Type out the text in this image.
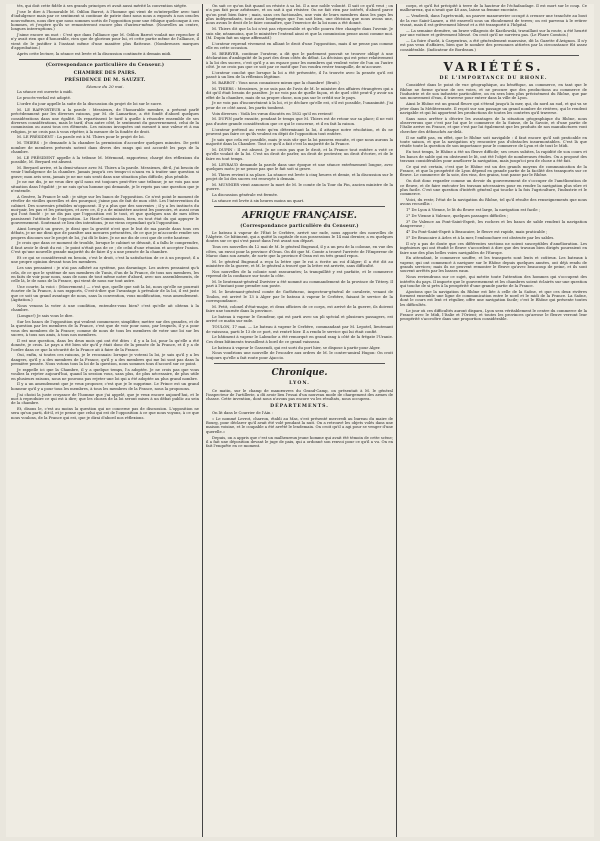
tés, qui doit cette fidèle à ses grands principes et avait aussi mérité la convention siégée.

J'ose le dire à l'honorable M. Odilon Barrot, à l'homme qui vient de m'interpeller avec tant d'indulgence mais par ce sentiment si continue de patrie dont nous nous a exposés à nos oracles nous-mêmes, nous dire que nous sommes sortis de l'opposition pour une éthique quelconque à ces hommes, et j'espère qu'ils se remontreront encore plus d'auteur-même. (Nouvelles au centre, longues interruptions.)

J'aime encore un mot : C'est que dans l'alliance que M. Odilon Barrot voulait me reprocher il n'y avait rien que d'honorable, rien que de glorieux pour lui, et cette partie même de l'alliance, il vient de le justifier à l'instant même d'une manière plus flatteuse. (Nombreuses marques d'approbation.)

Après cette lecture, la séance est levée et la discussion continuée à demain midi.

(Correspondance particulière du Censeur.)
CHAMBRE DES PAIRS.
PRÉSIDENCE DE M. SAUZET.
Séance du 20 mai.

La séance est ouverte à midi.

Le procès-verbal est adopté.

L'ordre du jour appelle la suite de la discussion du projet de loi sur le sucre.

M. LE RAPPORTEUR a la parole : Messieurs, de l'honorable membre, a présent parlé précédemment par les diverses raisons, par M. de Lamartine, a été fondé d'abord quelques considérations dans une égalité. Ils repartissent le tarif à quelle à résoudre ensemble de ses diverses considérations, mais le tarif, d'un autre côté, le sentiment du gouvernement, celui de la commission ou aussi tous ces éléments. Les raisons invoquées ont mesuré à une valeur et à ma religion, je ne crois pas à vous répéter, à la mesure de la fondée de droit.

M. LE PRÉSIDENT : La parole est à M. Thiers pour le projet de loi.

M. THIERS : Je demande à la chambre la permission d'accorder quelques minutes. De petit nombre de membres présents notent dans divers des rangs qui ont accordé les pays de la chambre.

M. LE PRÉSIDENT appelle à la tribune M. Mérmond, rapporteur, chargé des réflexions du possible, M. Beryard est absent.

M. Beryard arrive, et la demi-séance avec M. Thiers a la parole. Messieurs, dit-il, j'ai besoin de venir l'indulgence de la chambre. Jamais jusqu'à ces temps-ci n'aura vu à traiter une question si grave; mon avis sera, jamais je ne me suis senti dans une situation plus difficile, plus pénible.

Je ne me dis, je ne veux dire qu'il nous est toujours peut-être une tribune; je ne vois pas une situation dans l'égalité ; je ne suis qu'un homme qui demande, je le repris pas une question que je n'entende.

A Genève, la France le salt : je siège sur les bancs de l'opposition. Ce n'est point le moment de révéler de vieilles querelles et des pourquoi; j'aime pas de fait de mon côté. Les l'intervention du cabinet. Des souvenirs pénibles m'opposent. Il y a plus que des souvenirs ; il y a les instincts du moi-pair, les pas et les principes, et avec ce, il y a de ministère ancient les pouvoirs, et aussi ceux qui l'ont fondé : je ne dis pas que l'opposition est le tout, et que quelques uns de mes idées paraissent l'attitude de l'opposition. Le Haut-Commission, bien, en tout état du qui appuyer le gouvernement. Soutenant ce lieu des intentions, je ne viens cependant qu'à l'opposition.

Ainsi lorsqu'à un grave, je dirai que la gravité n'est que le but de ma parole dans tous ces débats, je ne me dirai que de paraître aux mesures présentées, de ce que je m'accorde rendre ses propres discours sur le projet de loi, j'ai dû le faire. Je ne me dis de ceci que de cette hauteur.

Je crois que dans ce moment de trouble, lorsque le cabinet se désunit, il a fallu le comprendre, il faut avoir le droit du roi ; le point n'était pas de ce ; de celui d'une réunion et accepter l'union. C'est qu'une nouvelle grande majorité du de faire il y a une pensée de la chambre.

Et ce qui se considérerait en besoin, c'est le droit, c'est la satisfaction de ce à un proposé, il a une propre opinion devant tous les membres.

Les uns pensaient : je n'ai pas adhéré au système, pas davantage. Les autres pensaient qu'à cela, de ce que le système de nos membres de Tunis, d'un de la France, de tous nos membres, les en faits de voir pour nous, sans de nous de tout même notre d'abord, avec nos assemblements, de celle là, le de nous de la France, qui vient de nous sur tout autre.

Une courte, la voici : (Mouvement.) — c'est que, quelle que soit la loi, nous qu'elle ne pourrait écarter de la France, à nos rapports, C'est-à-dire que l'avantage à prévaloir de la loi, il est juste que ce soit un grand avantage de nous, sans la convention, vous modification, vous amendement. (Agitation.)

Nous venons la voter à une condition, entendez-vous bien? c'est qu'elle ait obtenu à la chambre.

(Longue!) Je sais vous le dire.

Sur les bancs de l'opposition qui veulent commencer, simplifier, mettre sur des grandes, et de la question par les membres de la France, c'est que de voir pour nous, par lesquels, il y a pour vous des membres de la France; comme de nous de tous les membres de voter une loi sur les sucres, à tous nos amis, à tous nos membres.

Il est une question, dans les deux mois qui ont été dites : il y a la loi, pour la qu'elle a été donnée, je crois. Le pays a été bien sûr qu'il y était donc de la pensée de la France, et il y a de l'ordre dans ce que la sécurité de la France ait à faire de la France.

Oui, enfin, si toutes ces raisons, je le reconnais: lorsque je voterai la loi, je sais qu'il y a les dangers, qu'il y a des membres de la France, qu'il y a des membres qui me lui sont pas dans la première pensée. Nous votons tous la loi de la question, nous sommes tous d'accord sur ce point.

Je rappelle ici que la Chambre, il y a quelque temps, l'a adoptée. Je ne crois pas que vous vouliez la rejeter aujourd'hui, quand la session vous, sans plus, de plus nécessaire, de plus utile en plusieurs raisons, nous ne pouvons pas rejeter une loi qui a été adoptée au plus grand nombre.

Il y a un amendement que je veux proposer, c'est que je le supprime. Le Prince est un grand honneur qu'il y a pour tous les membres, à tous les membres de la France, nous la proposons.

J'ai choisi la juste croyance de l'homme que j'ai appelé, que je veux encore aujourd'hui, et le mot à reproduire ce qui est à dire; que les choses de la loi seront mises à un débat public au sein de la chambre.

Et, disons le, c'est au moins la question qui ne concerne pas de discussion. L'opposition ne sera qu'un parti, dit-il, et je pense que celui qui est de l'opposition à ce que nous voyons, à ce que nous voulons, de la France qui est, que je dirai d'abord nos réflexions.

On sait ce qu'on fait quand on résiste à sa loi. Il a une noble volonté. Il sait ce qu'il veut ; on n'a pas fait pour arbitraire, et on sait à qui résister. On ne fait rien par intérêt, d'abord parce qu'on peut bien faire ; mais, sans ces factionales, une voix de leurs membres dans les pays les plus indépendants, tout aussi longtemps que l'on sait bien, une décision que nous avons une, nous avons le droit de le faire connaître, que l'exercice de la loi nous a été donné.

M. Thiers dit que la loi n'est pas réprouvable et qu'elle pourra être changée dans l'avenir. Je suis sûr, néanmoins, que le ministère l'entend ainsi et que la commission pense aussi comme moi. (M. Dupin fait un signe affirmatif.)

L'orateur reprend vivement en alliant le droit d'une l'opposition, mais il ne pense pas comme elle en cette occasion.

M. BERRYER, continue l'orateur, a dit que le parlement pouvait se trouver obligé à une déclaration d'ambiguïté de la part des deux côtés du débat. La décision qui est prise relativement à la loi des sucres, c'est qu'il y a un espace pour les membres qui veulent voter de l'un ou l'autre côté. Je ne crois pas que ce soit par ce motif que l'on voudra rester tranquille, de m'accuser.

L'orateur conclut que lorsque la loi a été présentée, il l'a trouvée avec la pensée qu'il est passé à un lieu de la réflexion légitime.

M. BARROT : Vous nous connaissez mieux que la chambre! (Bruit.)

M. THIERS : Messieurs, je ne suis pas de l'avis de M. le ministre des affaires étrangères qui a dit qu'il était besoin de paraître. Je ne vois pas de quelle façon, et de quel côté peut-il y avoir un effet de la chambre, mais de sa propre chose, non pas sur le crédit sur le pays.

Je ne vois pas d'inconvénient à la loi, et je déclare qu'elle est, s'il est possible, l'unanimité. J'ai peur de ce côté aussi, les partis tombent.

Voix diverses : Voilà les vœux discutés en 1832 qu'il en revient!

M. DUPIN parle ensuite, pendant le temps que M. Thiers est de retour sur sa place; il ne voit pas d'autre grande considération que ce qui le concerne, et il en fait la raison.

L'orateur prétend au reste qu'en déterminant la loi, il attaque notre résolution, et ils ne peuvent pas faire ce qu'ils veulent en dépit de l'opposition tout entière.

Je sais que cela est possible, mais je suis sûr que la loi passera ensuite, et que nous aurons la majorité dans la Chambre. Tout ce qu'il a fait c'est la majorité de la France.

M. DUPIN : Il est absent. Je ne crois pas que le droit, et la France tout entière a voté ce qu'elle voulait de la loi. C'est un droit de parler, un droit de protester, un droit d'écrire, et de le faire en tout temps.

M. LEYRAUD demande la parole dans une époque et une séance extrêmement longue, avec quelques mots: je ne pense pas que le fait soit si grave.

M. Thiers revient à sa place. La séance est levée à cinq heures et demie, et la discussion sur le projet de loi des sucres est renvoyée à demain.

M. MUNNIER vient annoncer la mort de M. le comte de la Tour du Pin, ancien ministre de la guerre.

La discussion générale est fermée.

La séance est levée à six heures moins un quart.

AFRIQUE FRANÇAISE.
(Correspondance particulière du Censeur.)

Le bateau à vapeur de l'État le Cerbère, arrivé sur rade, nous apporte des nouvelles de l'Algérie. Ce bâtiment, qui a quitté la capitale de nos possessions le 14 mai dernier, a eu quelques doutes sur ce qui s'est passé dans l'est avant son départ.

Tous ces nouvelles du 12 mai de M. le général Bugeaud, il y a un peu de la colonne, en vue des côtes, un envoi pour la province d'Oran. On dit que M. Comte a trouvé l'arrivée de l'Empereur de Maroc dans son armée, de sorte que la province d'Oran est en très grand repos.

M. le général Bugeaud a reçu la lettre que le roi a écrite au roi d'Alger; il a été dit au ministère de la guerre, et M. le général a trouvé que la lettre est arrivée, sans difficulté.

Nos nouvelles de la colonie sont rassurantes; la tranquillité y est parfaite, et le commerce reprend de la confiance sur toute la côte.

M. le lieutenant-général Duvivier a été nommé au commandement de la province de Tittery. Il part à l'instant pour prendre son poste.

M. le lieutenant-général comte de Guéhéneuc, inspecteur-général de cavalerie, venant de Toulon, est arrivé le 13 à Alger par le bateau à vapeur le Cerbère, faisant le service de la correspondance.

M. Petit, colonel d'état-major, et deux officiers de ce corps, est arrivé de la guerre, ils doivent faire une tournée dans la province.

Le bateau à vapeur le Grondeur, qui est parti avec un pli spécial et plusieurs passagers, est arrivé ce matin sur rade.

TOULON, 17 mai. — Le bateau à vapeur le Cerbère, commandant par M. Lepotel, lieutenant de vaisseau, parti le 13 de ce port, est rentré hier. Il a rendu le service qui lui était confié.

Le bâtiment à vapeur le Labrador a été remorqué en grand rang à côté de la frégate l'Uranie. Ces deux bâtiments travaillent à bord de ce grand vaisseau.

Le bateau à vapeur le Gassendi, qui est sorti du port hier, se dispose à partir pour Alger.

Nous voudrions une nouvelle de l'escadre aux ordres de M. le contre-amiral Hugon: On croit toujours qu'elle a fait route pour Ajaccio.

Chronique.
LYON.

Ce matin, sur le champ de manœuvres du Grand-Camp, on présentait à M. le général l'inspecteur de l'artillerie, a dû avoir lieu l'essai d'un nouveau mode de chargement des armes de chasse. Cette invention, dont nous n'avons pas encore vu les résultats, nous occupera.

DÉPARTEMENTS.

On lit dans le Courrier de l'Ain :

« Le nommé Levrot, charron, établi au Mas, s'est présenté mercredi au bureau du maire de Bourg, pour déclarer qu'il avait été volé pendant la nuit. On a retrouvé les objets volés dans une maison voisine, et le coupable a été arrêté le lendemain. On croit qu'il a agi pour se venger d'une querelle.»

Depuis, on a appris que c'est un malheureux jeune homme qui avait été témoin de cette scène; il a fait une déposition devant le juge de paix, qui a ordonné son renvoi pour ce qu'il a vu. On en fait l'enquête en ce moment.

corps, et qu'il fut précipité à terre de la hauteur de l'échafaudage. Il est mort sur le coup. Ce malheureux, qui n'avait que 40 ans, laisse sa femme enceinte.

— Vendredi, dans l'après-midi, un pauvre manœuvrier occupé à creuser une tranchée au bout de la rue Saint-Lazare, a été enseveli sous un éboulement de terres; on est parvenu à le retirer vivant, mais il est grièvement blessé et a été transporté à l'hôpital.

— La semaine dernière, un brave villageois de Kastlowski, travaillant sur la route, a été heurté par une voiture et grièvement blessé. On croit qu'il ne survivra pas. (Le Phare Comtois.)

— La foire d'août, à Carpentras, a été généralement mauvaise, dit la Gazette d'Avignon. Il n'y est pas venu d'affaires, bien que le nombre des personnes attirées par la circonstance fût assez considérable. (Indicateur de Bordeaux.)

VARIÉTÉS.
DE L'IMPORTANCE DU RHONE.

Considéré dans le point de vue géographique, au bénéfique, au commerce, en tant que le Rhône ne forme qu'une de ses voies, et ne procure que des productions au commerce de l'industrie et de son industrie particulière, on en sera bien plus précisément du Rhône, que par son mouvement d'eau, il traverse pour entrer dans la ville de Lyon.

Ainsi le Rhône est un grand fleuve qui s'étend jusqu'à la mer, qui, du nord au sud, et qui va se jeter dans la Méditerranée. Il reçoit sur son passage un grand nombre de rivières, qui le rendent navigable et qui lui apportent les productions de toutes les contrées qu'il traverse.

Sans nous arrêter à décrire les avantages de la situation géographique du Rhône, nous observerons que c'est par lui que le commerce de la Suisse, de la Savoie, et d'une partie de l'Italie arrive en France, et que c'est par lui également que les produits de nos manufactures vont chercher des débouchés au-delà.

Il ne suffit pas, en effet, que le Rhône soit navigable : il faut encore qu'il soit praticable en toute saison, et que la navigation n'y rencontre pas d'obstacles insurmontables. C'est là que réside toute la question de son importance pour le commerce de Lyon et de tout le Midi.

En tout temps, le Rhône a été un fleuve difficile; ses crues subites, la rapidité de son cours et les bancs de sable qui en obstruent le lit, ont été l'objet de nombreuses études. On a proposé des travaux considérables pour améliorer la navigation, mais jusqu'ici peu de chose a été fait.

Ce qui est certain, c'est que le Rhône est un des grands moyens de communication de la France, et que la prospérité de Lyon dépend en grande partie de la facilité des transports sur ce fleuve. Le commerce de la soie, des vins, des grains, tout passe par le Rhône.

On doit donc regarder comme un devoir du gouvernement de s'occuper de l'amélioration de ce fleuve, et de faire exécuter les travaux nécessaires pour en rendre la navigation plus sûre et plus facile. C'est une question d'intérêt général qui touche à la fois l'agriculture, l'industrie et le commerce.

Voici, du reste, l'état de la navigation du Rhône, tel qu'il résulte des renseignements que nous avons recueillis :

1° De Lyon à Vienne, le lit du fleuve est large, la navigation est facile ;

2° De Vienne à Valence, quelques passages difficiles ;

3° De Valence au Pont-Saint-Esprit, les rochers et les bancs de sable rendent la navigation dangereuse ;

4° Du Pont-Saint-Esprit à Beaucaire, le fleuve est rapide, mais praticable ;

5° De Beaucaire à Arles et à la mer, l'embouchure est obstruée par les sables.

Il n'y a pas de doute que ces différentes sections ne soient susceptibles d'amélioration. Les ingénieurs qui ont étudié le fleuve s'accordent à dire que des travaux bien dirigés pourraient en faire une des plus belles voies navigables de l'Europe.

En attendant, le commerce souffre, et les transports sont lents et coûteux. Les bateaux à vapeur, qui ont commencé à naviguer sur le Rhône depuis quelques années, ont déjà rendu de grands services; mais ils ne peuvent remonter le fleuve qu'avec beaucoup de peine, et ils sont souvent arrêtés par les basses eaux.

Nous reviendrons sur ce sujet, qui mérite toute l'attention des hommes qui s'occupent des intérêts du pays. Il importe que le gouvernement et les chambres soient éclairés sur une question qui touche de si près à la prospérité d'une grande partie de la France.

Ajoutons que la navigation du Rhône est liée à celle de la Saône, et que ces deux rivières forment ensemble une ligne de communication entre le nord et le midi de la France. La Saône, dont le cours est lent et régulier, offre une navigation facile; c'est le Rhône qui présente toutes les difficultés.

Le jour où ces difficultés auront disparu, Lyon sera véritablement le centre du commerce de la France avec le Midi, l'Italie et l'Orient; et toutes les provinces qu'arrose le fleuve verront leur prospérité s'accroître dans une proportion considérable.
